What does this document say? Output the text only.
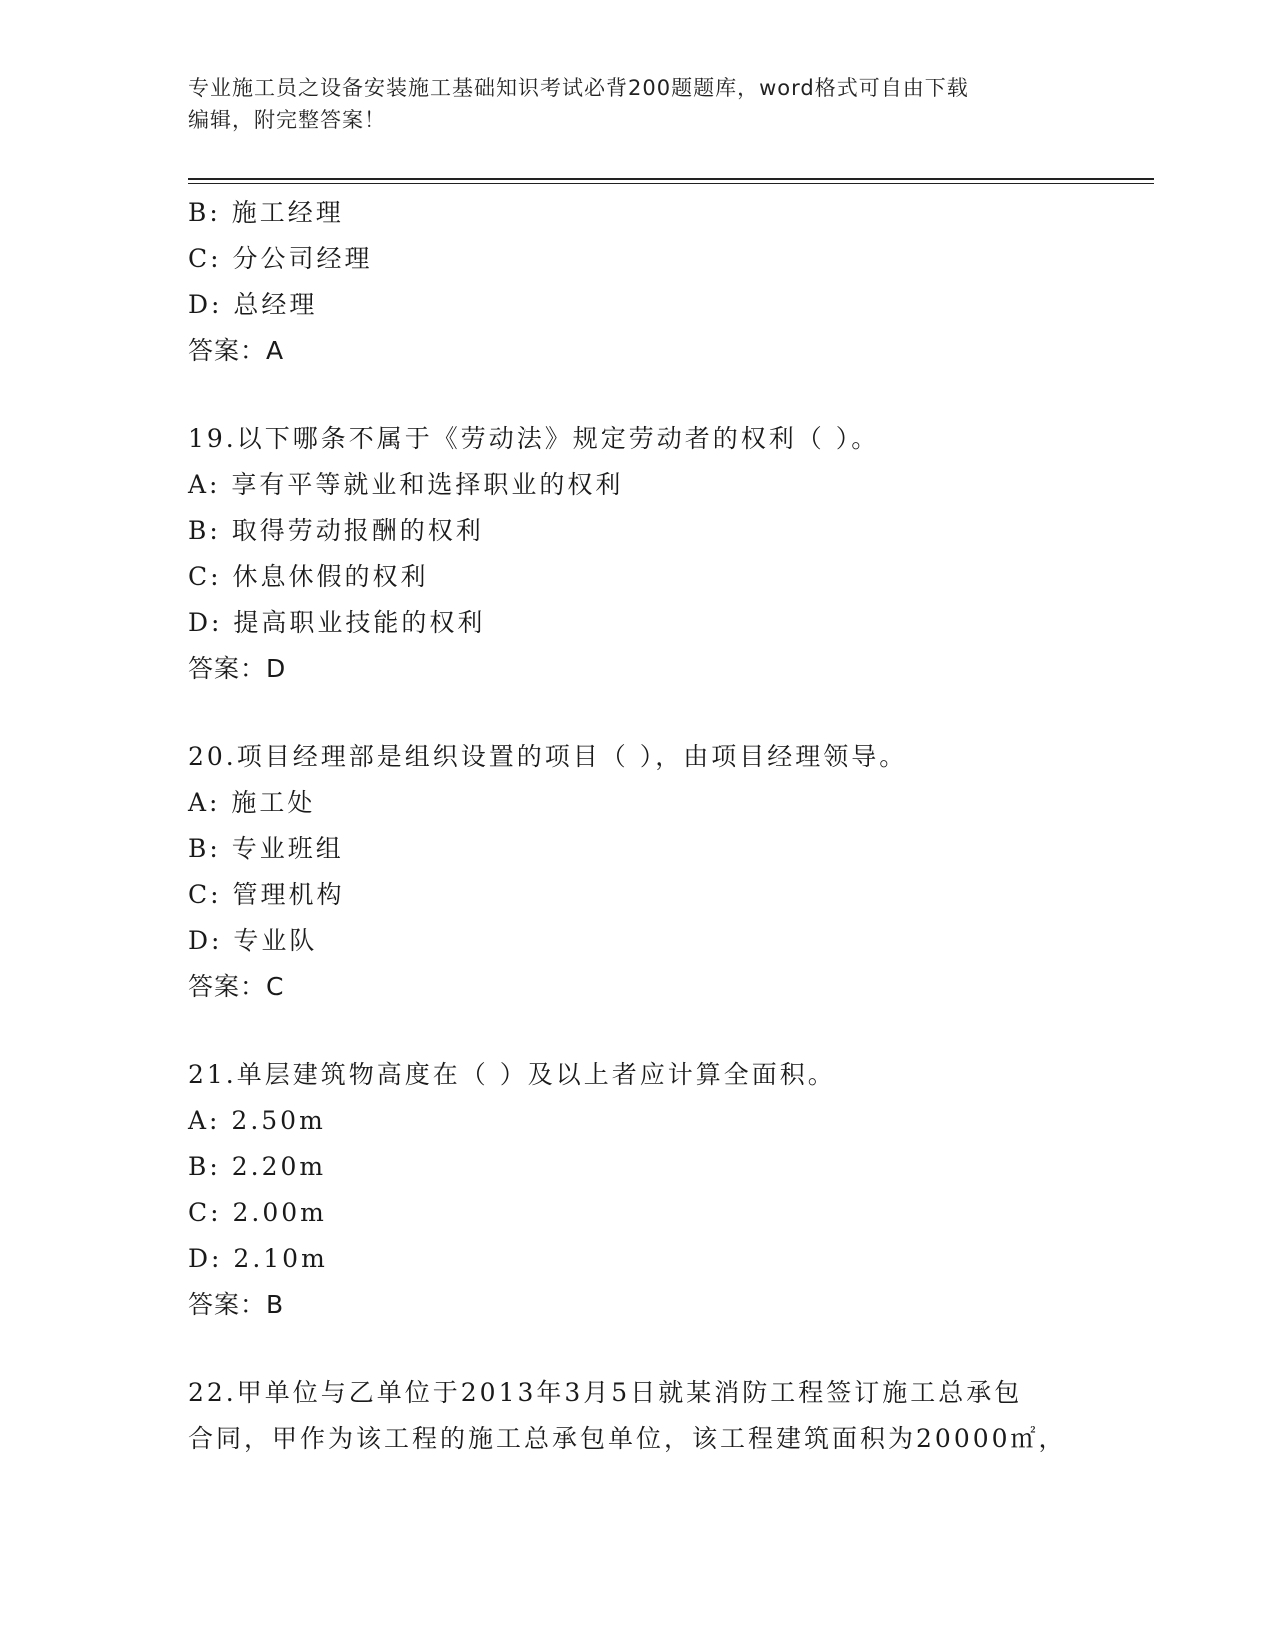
专业施工员之设备安装施工基础知识考试必背200题题库，word格式可自由下载
编辑，附完整答案！
B: 施工经理
C: 分公司经理
D: 总经理
答案：A
19.以下哪条不属于《劳动法》规定劳动者的权利（ ）。
A: 享有平等就业和选择职业的权利
B: 取得劳动报酬的权利
C: 休息休假的权利
D: 提高职业技能的权利
答案：D
20.项目经理部是组织设置的项目（ ），由项目经理领导。
A: 施工处
B: 专业班组
C: 管理机构
D: 专业队
答案：C
21.单层建筑物高度在（ ）及以上者应计算全面积。
A: 2.50m
B: 2.20m
C: 2.00m
D: 2.10m
答案：B
22.甲单位与乙单位于2013年3月5日就某消防工程签订施工总承包
合同，甲作为该工程的施工总承包单位，该工程建筑面积为20000㎡，
